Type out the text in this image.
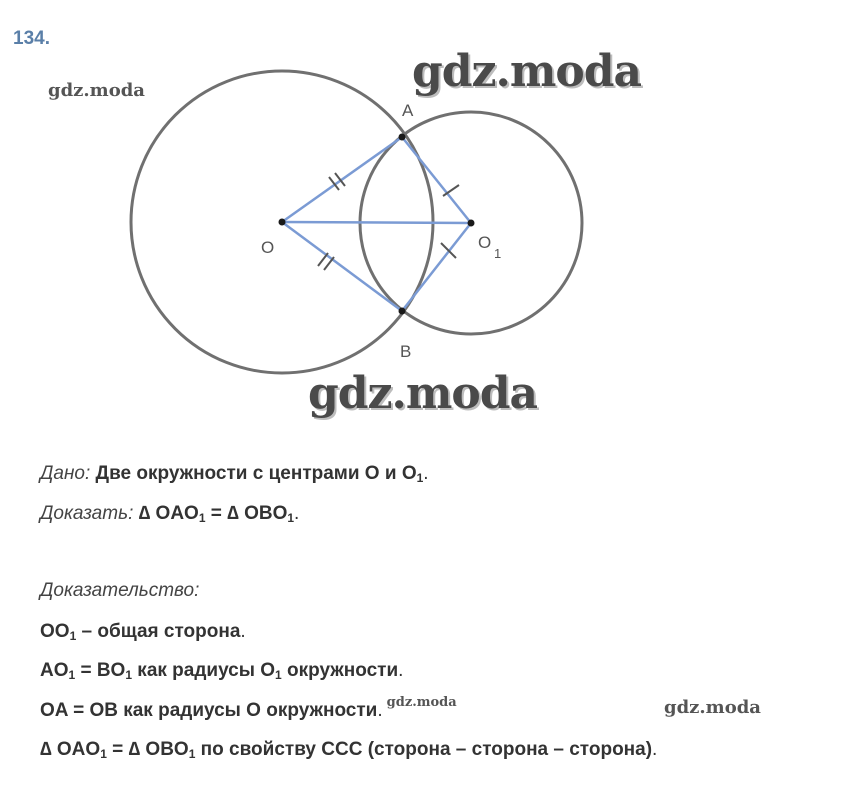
134.
A
B
O	O
1
gdz.moda
gdz.moda
gdz.moda
gdz.moda
Дано: Две окружности с центрами O и $O_1$.
Доказать: ∆ $OAO_1$ = ∆ $OBO_1$.
Доказательство:
$OO_1$ – общая сторона.
$AO_1 = BO_1$ как радиусы $O_1$ окружности.
OA = OB как радиусы O окружности. $^{gdz.moda}$
∆ $OAO_1$ = ∆ $OBO_1$ по свойству ССС (сторона – сторона – сторона).
